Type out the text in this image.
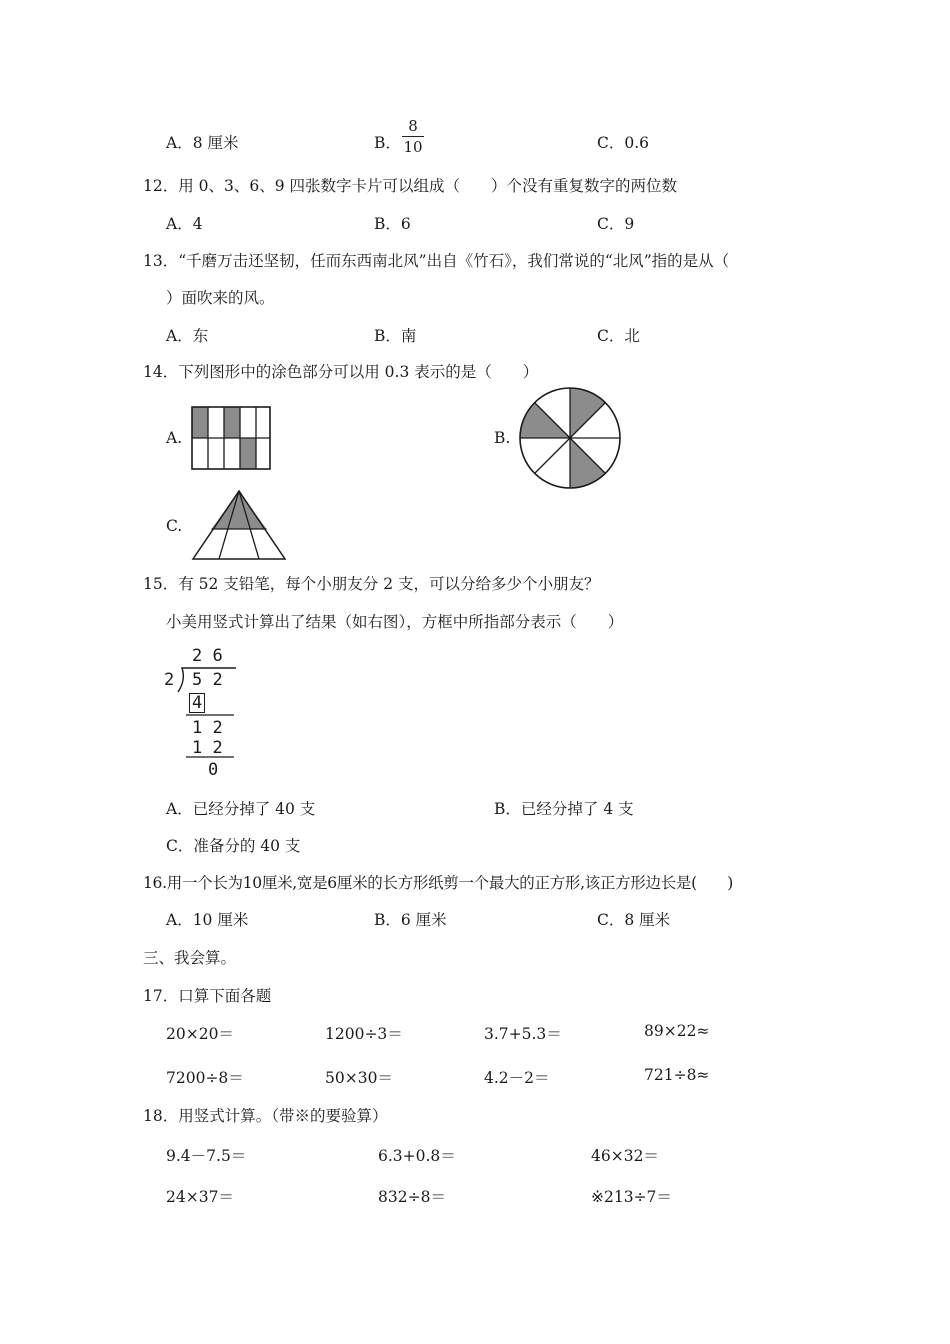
A．8 厘米	B．
8
10	C．0.6
12．用 0、3、6、9 四张数字卡片可以组成（　　）个没有重复数字的两位数
A．4	B．6	C．9
13．“千磨万击还坚韧，任而东西南北风”出自《竹石》，我们常说的“北风”指的是从（
）面吹来的风。
A．东	B．南	C．北
14．下列图形中的涂色部分可以用 0.3 表示的是（　　）
A.	B.
C.
15．有 52 支铅笔，每个小朋友分 2 支，可以分给多少个小朋友？
小美用竖式计算出了结果（如右图），方框中所指部分表示（　　）
2 6
2 5 2
4
1 2
1 2
0
A．已经分掉了 40 支	B．已经分掉了 4 支
C．准备分的 40 支
16.用一个长为10厘米,宽是6厘米的长方形纸剪一个最大的正方形,该正方形边长是(　　)
A．10 厘米	B．6 厘米	C．8 厘米
三、我会算。
17．口算下面各题
20×20＝	1200÷3＝	3.7+5.3＝	89×22≈
7200÷8＝	50×30＝	4.2－2＝	721÷8≈
18．用竖式计算。（带※的要验算）
9.4－7.5＝	6.3+0.8＝	46×32＝
24×37＝	832÷8＝	※213÷7＝
